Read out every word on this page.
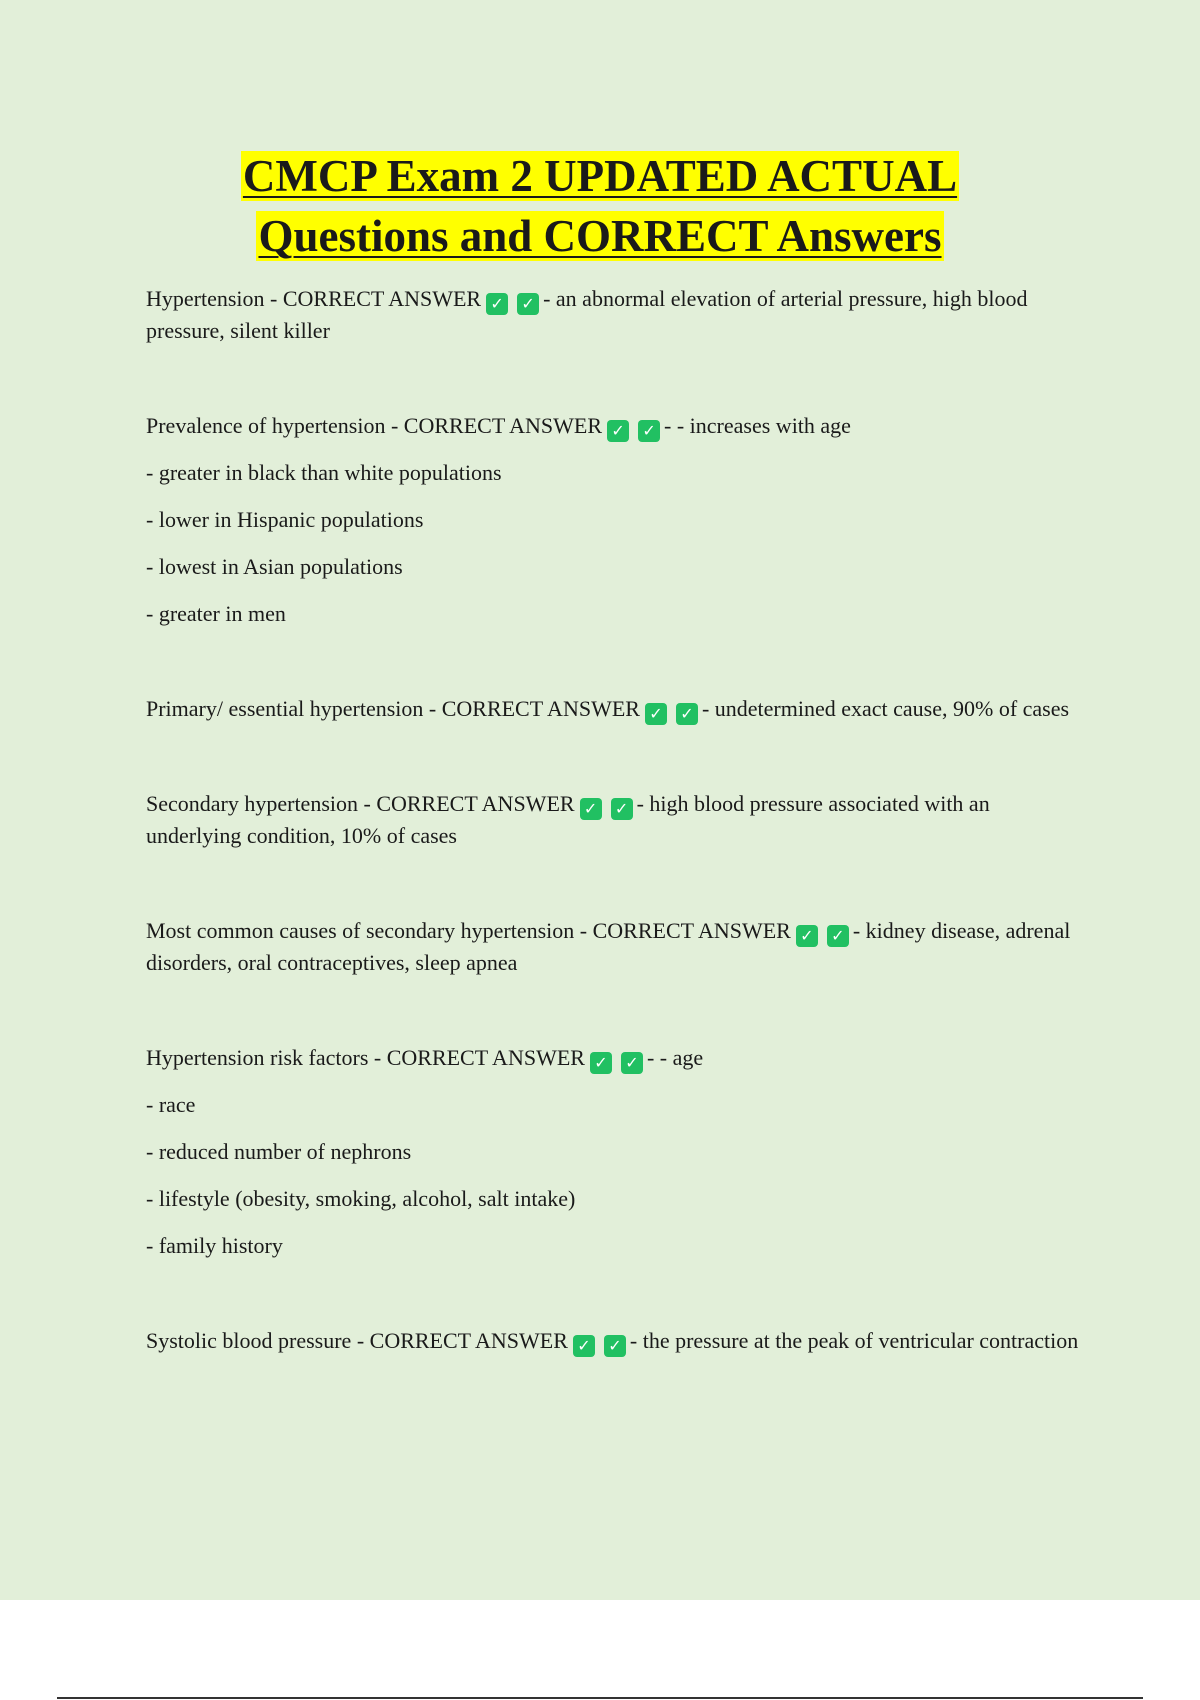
CMCP Exam 2 UPDATED ACTUAL
Questions and CORRECT Answers

Hypertension - CORRECT ANSWER ✓ ✓ - an abnormal elevation of arterial pressure, high blood pressure, silent killer

Prevalence of hypertension - CORRECT ANSWER ✓ ✓ - - increases with age

- greater in black than white populations

- lower in Hispanic populations

- lowest in Asian populations

- greater in men

Primary/ essential hypertension - CORRECT ANSWER ✓ ✓ - undetermined exact cause, 90% of cases

Secondary hypertension - CORRECT ANSWER ✓ ✓ - high blood pressure associated with an underlying condition, 10% of cases

Most common causes of secondary hypertension - CORRECT ANSWER ✓ ✓ - kidney disease, adrenal disorders, oral contraceptives, sleep apnea

Hypertension risk factors - CORRECT ANSWER ✓ ✓ - - age

- race

- reduced number of nephrons

- lifestyle (obesity, smoking, alcohol, salt intake)

- family history

Systolic blood pressure - CORRECT ANSWER ✓ ✓ - the pressure at the peak of ventricular contraction
